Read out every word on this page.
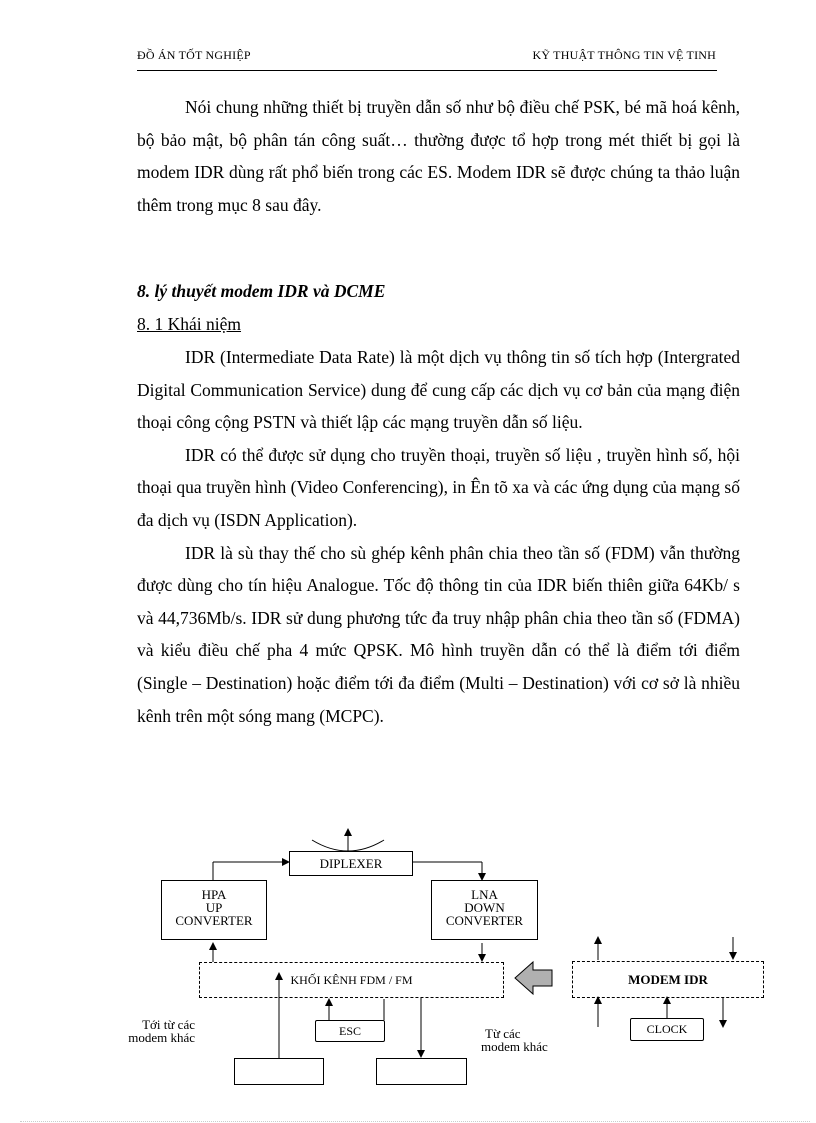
ĐỒ ÁN TỐT NGHIỆP	KỸ THUẬT THÔNG TIN VỆ TINH

Nói chung những thiết bị truyền dẫn số như bộ điều chế PSK, bé mã hoá kênh, bộ bảo mật, bộ phân tán công suất… thường được tổ hợp trong mét thiết bị gọi là modem IDR dùng rất phổ biến trong các ES. Modem IDR sẽ được chúng ta thảo luận thêm trong mục 8 sau đây.

8. lý thuyết modem IDR và DCME
8. 1 Khái niệm

IDR (Intermediate Data Rate) là một dịch vụ thông tin số tích hợp (Intergrated Digital Communication Service) dung để cung cấp các dịch vụ cơ bản của mạng điện thoại công cộng PSTN và thiết lập các mạng truyền dẫn số liệu.

IDR có thể được sử dụng cho truyền thoại, truyền số liệu , truyền hình số, hội thoại qua truyền hình (Video Conferencing), in Ên tõ xa và các ứng dụng của mạng số đa dịch vụ (ISDN Application).

IDR là sù thay thế cho sù ghép kênh phân chia theo tần số (FDM) vẫn thường được dùng cho tín hiệu Analogue. Tốc độ thông tin của IDR biến thiên giữa 64Kb/ s và 44,736Mb/s. IDR sử dung phương tức đa truy nhập phân chia theo tần số (FDMA) và kiểu điều chế pha 4 mức QPSK. Mô hình truyền dẫn có thể là điểm tới điểm (Single – Destination) hoặc điểm tới đa điểm (Multi – Destination) với cơ sở là nhiều kênh trên một sóng mang (MCPC).

DIPLEXER
HPA
UP
CONVERTER
LNA
DOWN
CONVERTER
KHỐI KÊNH FDM / FM
ESC
MODEM IDR
CLOCK
Tới từ các
modem khác	Từ các
modem khác
